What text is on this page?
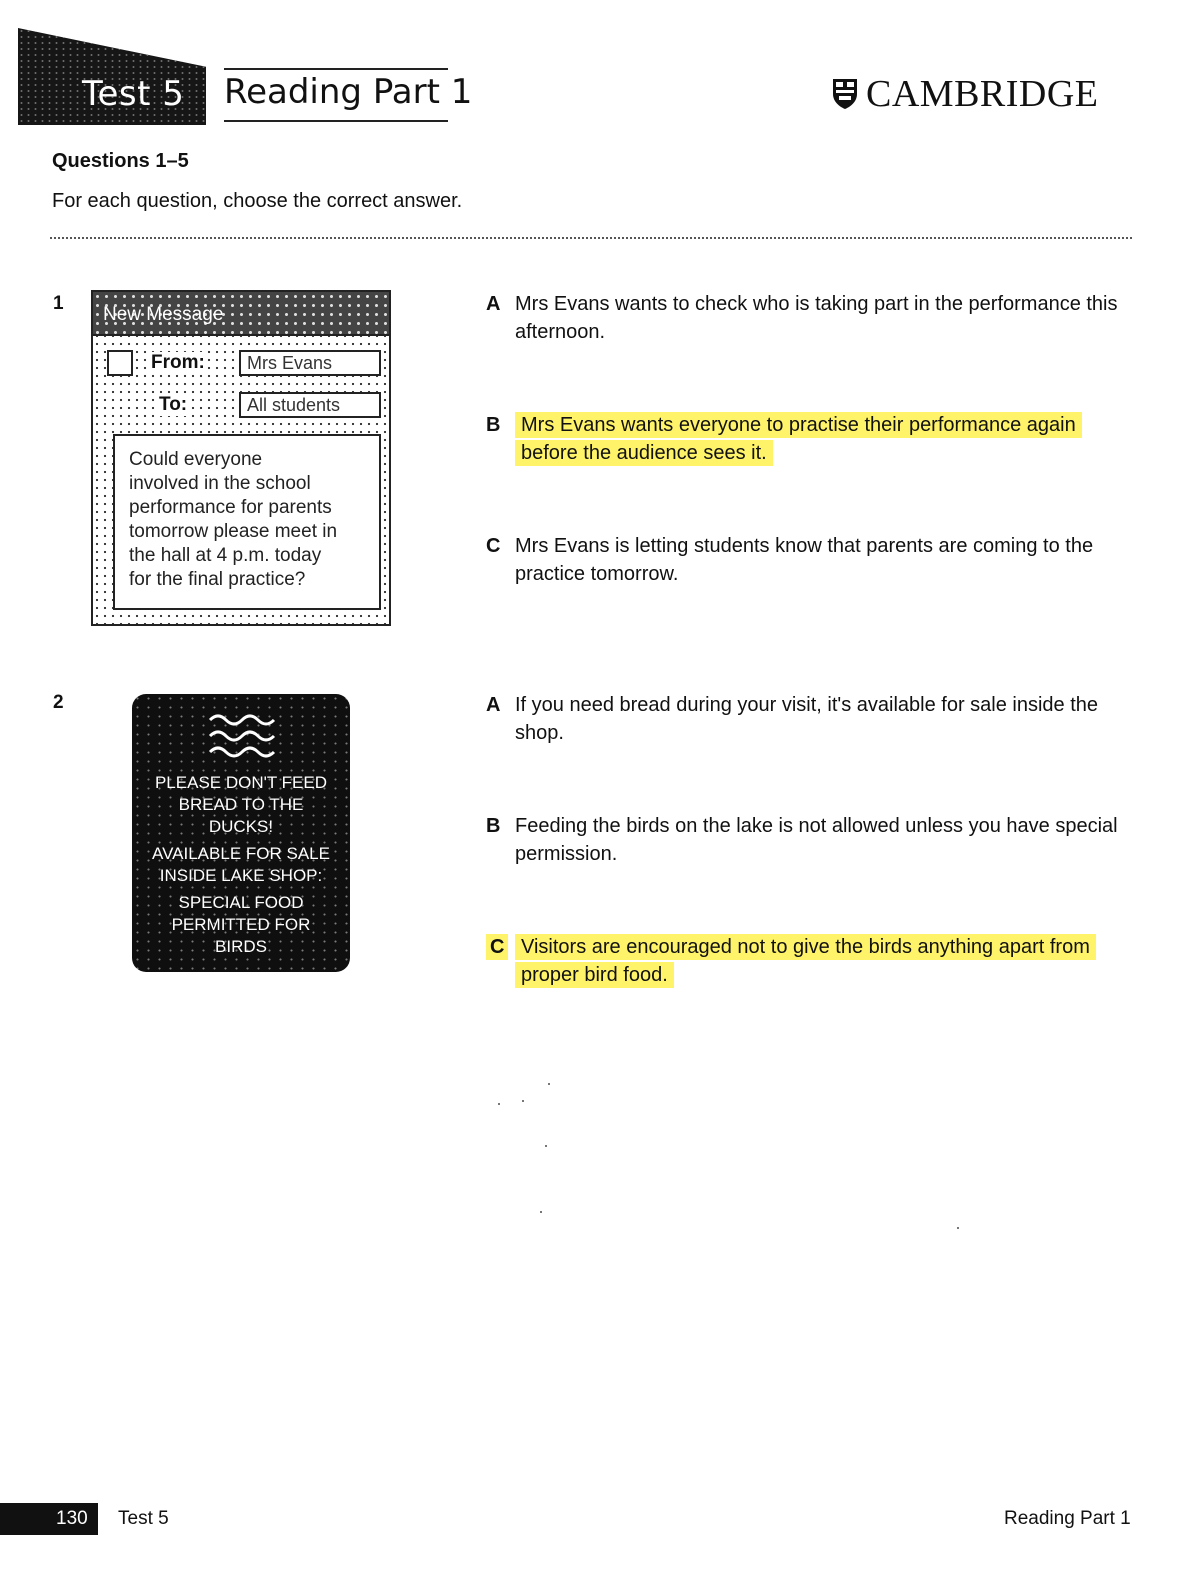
Test 5 Reading Part 1	CAMBRIDGE
Questions 1–5
For each question, choose the correct answer.
1
New Message
From:	Mrs Evans
To:	All students
Could everyone
involved in the school
performance for parents
tomorrow please meet in
the hall at 4 p.m. today
for the final practice?
A Mrs Evans wants to check who is taking part in the performance this afternoon.
B	Mrs Evans wants everyone to practise their performance again before the audience sees it.
C Mrs Evans is letting students know that parents are coming to the practice tomorrow.
2
PLEASE DON'T FEED
BREAD TO THE
DUCKS!
AVAILABLE FOR SALE
INSIDE LAKE SHOP:
SPECIAL FOOD
PERMITTED FOR
BIRDS
A If you need bread during your visit, it's available for sale inside the shop.
B Feeding the birds on the lake is not allowed unless you have special permission.
C Visitors are encouraged not to give the birds anything apart from proper bird food.
130	Test 5	Reading Part 1
